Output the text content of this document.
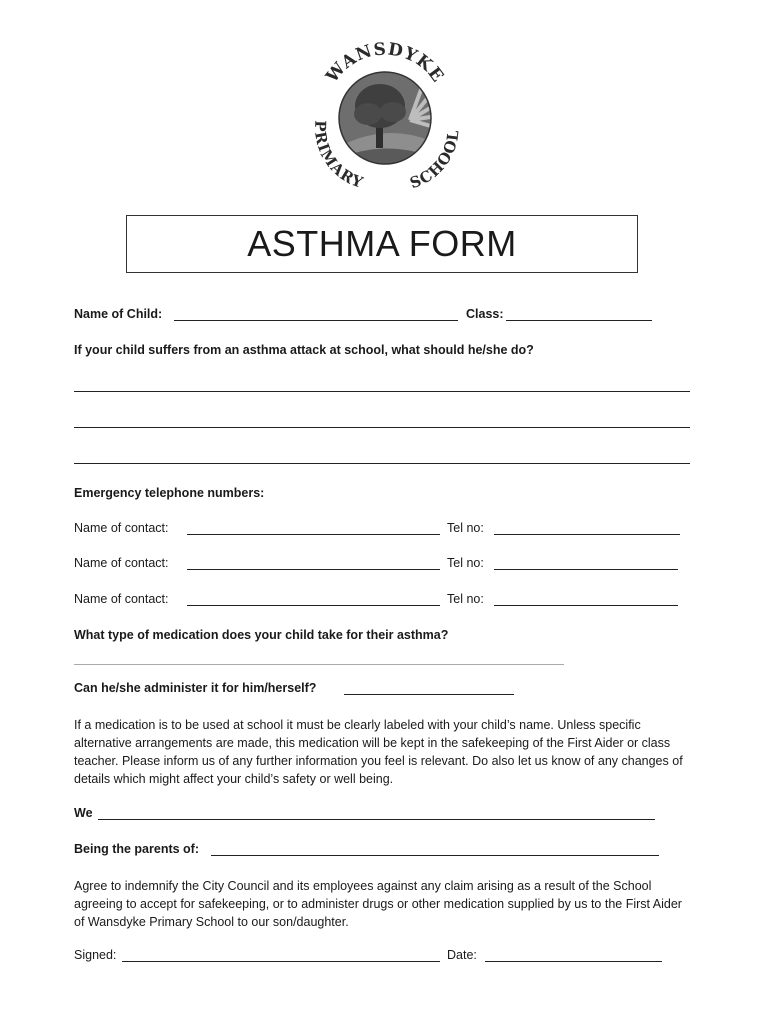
WANSDYKE
PRIMARY	SCHOOL
ASTHMA FORM
Name of Child:	Class:
If your child suffers from an asthma attack at school, what should he/she do?
Emergency telephone numbers:
Name of contact:	Tel no:
Name of contact:	Tel no:
Name of contact:	Tel no:
What type of medication does your child take for their asthma?
Can he/she administer it for him/herself?
If a medication is to be used at school it must be clearly labeled with your child’s name. Unless specific alternative arrangements are made, this medication will be kept in the safekeeping of the First Aider or class teacher. Please inform us of any further information you feel is relevant. Do also let us know of any changes of details which might affect your child’s safety or well being.
We
Being the parents of:
Agree to indemnify the City Council and its employees against any claim arising as a result of the School agreeing to accept for safekeeping, or to administer drugs or other medication supplied by us to the First Aider of Wansdyke Primary School to our son/daughter.
Signed:	Date:
